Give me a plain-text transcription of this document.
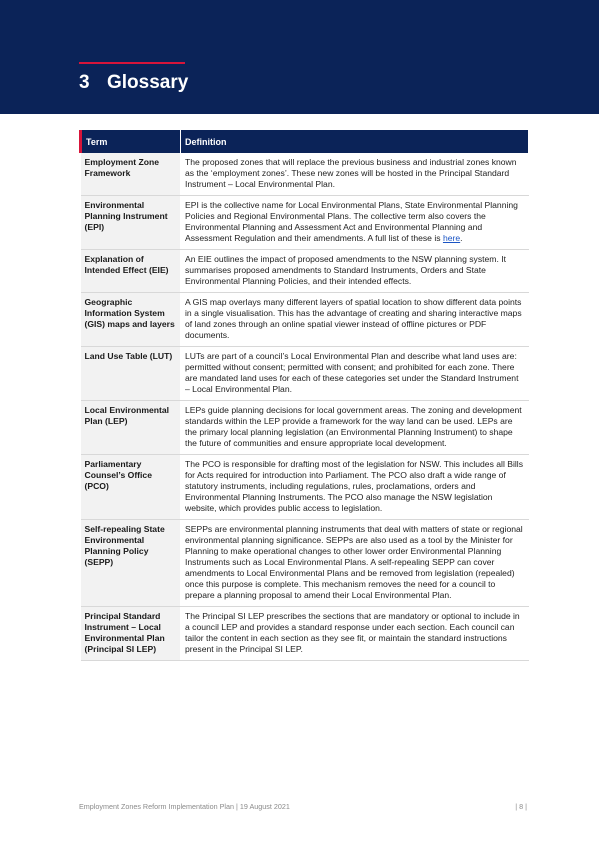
3 Glossary
Term	Definition
Employment Zone Framework	The proposed zones that will replace the previous business and industrial zones known as the ‘employment zones’. These new zones will be hosted in the Principal Standard Instrument – Local Environmental Plan.
Environmental Planning Instrument (EPI)	EPI is the collective name for Local Environmental Plans, State Environmental Planning Policies and Regional Environmental Plans. The collective term also covers the Environmental Planning and Assessment Act and Environmental Planning and Assessment Regulation and their amendments. A full list of these is here.
Explanation of Intended Effect (EIE)	An EIE outlines the impact of proposed amendments to the NSW planning system. It summarises proposed amendments to Standard Instruments, Orders and State Environmental Planning Policies, and their intended effects.
Geographic Information System (GIS) maps and layers	A GIS map overlays many different layers of spatial location to show different data points in a single visualisation. This has the advantage of creating and sharing interactive maps of land zones through an online spatial viewer instead of offline pictures or PDF documents.
Land Use Table (LUT)	LUTs are part of a council’s Local Environmental Plan and describe what land uses are: permitted without consent; permitted with consent; and prohibited for each zone. There are mandated land uses for each of these categories set under the Standard Instrument – Local Environmental Plan.
Local Environmental Plan (LEP)	LEPs guide planning decisions for local government areas. The zoning and development standards within the LEP provide a framework for the way land can be used. LEPs are the primary local planning legislation (an Environmental Planning Instrument) to shape the future of communities and ensure appropriate local development.
Parliamentary Counsel’s Office (PCO)	The PCO is responsible for drafting most of the legislation for NSW. This includes all Bills for Acts required for introduction into Parliament. The PCO also draft a wide range of statutory instruments, including regulations, rules, proclamations, orders and Environmental Planning Instruments. The PCO also manage the NSW legislation website, which provides public access to legislation.
Self-repealing State Environmental Planning Policy (SEPP)	SEPPs are environmental planning instruments that deal with matters of state or regional environmental planning significance. SEPPs are also used as a tool by the Minister for Planning to make operational changes to other lower order Environmental Planning Instruments such as Local Environmental Plans. A self-repealing SEPP can cover amendments to Local Environmental Plans and be removed from legislation (repealed) once this purpose is complete. This mechanism removes the need for a council to prepare a planning proposal to amend their Local Environmental Plan.
Principal Standard Instrument – Local Environmental Plan (Principal SI LEP)	The Principal SI LEP prescribes the sections that are mandatory or optional to include in a council LEP and provides a standard response under each section. Each council can tailor the content in each section as they see fit, or maintain the standard instructions present in the Principal SI LEP.
Employment Zones Reform Implementation Plan | 19 August 2021	| 8 |
